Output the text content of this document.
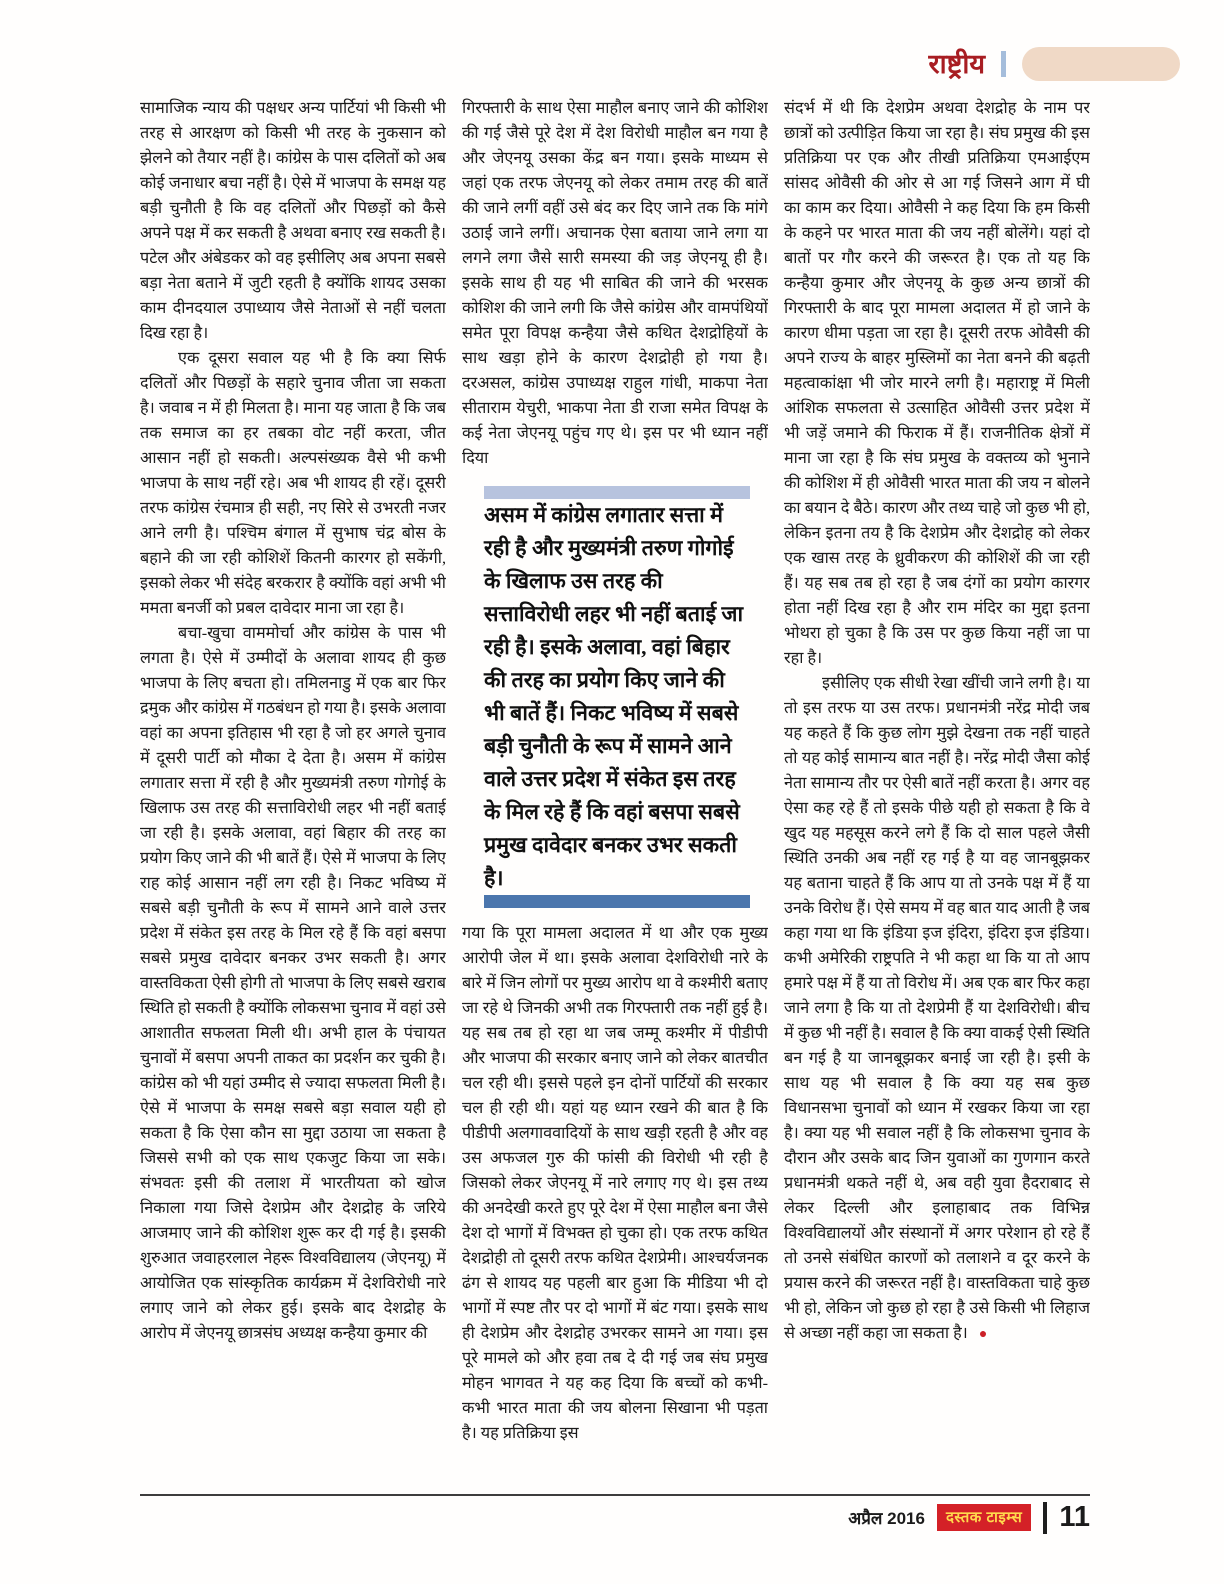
राष्ट्रीय

सामाजिक न्याय की पक्षधर अन्य पार्टियां भी किसी भी तरह से आरक्षण को किसी भी तरह के नुकसान को झेलने को तैयार नहीं है। कांग्रेस के पास दलितों को अब कोई जनाधार बचा नहीं है। ऐसे में भाजपा के समक्ष यह बड़ी चुनौती है कि वह दलितों और पिछड़ों को कैसे अपने पक्ष में कर सकती है अथवा बनाए रख सकती है। पटेल और अंबेडकर को वह इसीलिए अब अपना सबसे बड़ा नेता बताने में जुटी रहती है क्योंकि शायद उसका काम दीनदयाल उपाध्याय जैसे नेताओं से नहीं चलता दिख रहा है।

एक दूसरा सवाल यह भी है कि क्या सिर्फ दलितों और पिछड़ों के सहारे चुनाव जीता जा सकता है। जवाब न में ही मिलता है। माना यह जाता है कि जब तक समाज का हर तबका वोट नहीं करता, जीत आसान नहीं हो सकती। अल्पसंख्यक वैसे भी कभी भाजपा के साथ नहीं रहे। अब भी शायद ही रहें। दूसरी तरफ कांग्रेस रंचमात्र ही सही, नए सिरे से उभरती नजर आने लगी है। पश्चिम बंगाल में सुभाष चंद्र बोस के बहाने की जा रही कोशिशें कितनी कारगर हो सकेंगी, इसको लेकर भी संदेह बरकरार है क्योंकि वहां अभी भी ममता बनर्जी को प्रबल दावेदार माना जा रहा है।

बचा-खुचा वाममोर्चा और कांग्रेस के पास भी लगता है। ऐसे में उम्मीदों के अलावा शायद ही कुछ भाजपा के लिए बचता हो। तमिलनाडु में एक बार फिर द्रमुक और कांग्रेस में गठबंधन हो गया है। इसके अलावा वहां का अपना इतिहास भी रहा है जो हर अगले चुनाव में दूसरी पार्टी को मौका दे देता है। असम में कांग्रेस लगातार सत्ता में रही है और मुख्यमंत्री तरुण गोगोई के खिलाफ उस तरह की सत्ताविरोधी लहर भी नहीं बताई जा रही है। इसके अलावा, वहां बिहार की तरह का प्रयोग किए जाने की भी बातें हैं। ऐसे में भाजपा के लिए राह कोई आसान नहीं लग रही है। निकट भविष्य में सबसे बड़ी चुनौती के रूप में सामने आने वाले उत्तर प्रदेश में संकेत इस तरह के मिल रहे हैं कि वहां बसपा सबसे प्रमुख दावेदार बनकर उभर सकती है। अगर वास्तविकता ऐसी होगी तो भाजपा के लिए सबसे खराब स्थिति हो सकती है क्योंकि लोकसभा चुनाव में वहां उसे आशातीत सफलता मिली थी। अभी हाल के पंचायत चुनावों में बसपा अपनी ताकत का प्रदर्शन कर चुकी है। कांग्रेस को भी यहां उम्मीद से ज्यादा सफलता मिली है। ऐसे में भाजपा के समक्ष सबसे बड़ा सवाल यही हो सकता है कि ऐसा कौन सा मुद्दा उठाया जा सकता है जिससे सभी को एक साथ एकजुट किया जा सके। संभवतः इसी की तलाश में भारतीयता को खोज निकाला गया जिसे देशप्रेम और देशद्रोह के जरिये आजमाए जाने की कोशिश शुरू कर दी गई है। इसकी शुरुआत जवाहरलाल नेहरू विश्वविद्यालय (जेएनयू) में आयोजित एक सांस्कृतिक कार्यक्रम में देशविरोधी नारे लगाए जाने को लेकर हुई। इसके बाद देशद्रोह के आरोप में जेएनयू छात्रसंघ अध्यक्ष कन्हैया कुमार की

गिरफ्तारी के साथ ऐसा माहौल बनाए जाने की कोशिश की गई जैसे पूरे देश में देश विरोधी माहौल बन गया है और जेएनयू उसका केंद्र बन गया। इसके माध्यम से जहां एक तरफ जेएनयू को लेकर तमाम तरह की बातें की जाने लगीं वहीं उसे बंद कर दिए जाने तक कि मांगे उठाई जाने लगीं। अचानक ऐसा बताया जाने लगा या लगने लगा जैसे सारी समस्या की जड़ जेएनयू ही है। इसके साथ ही यह भी साबित की जाने की भरसक कोशिश की जाने लगी कि जैसे कांग्रेस और वामपंथियों समेत पूरा विपक्ष कन्हैया जैसे कथित देशद्रोहियों के साथ खड़ा होने के कारण देशद्रोही हो गया है। दरअसल, कांग्रेस उपाध्यक्ष राहुल गांधी, माकपा नेता सीताराम येचुरी, भाकपा नेता डी राजा समेत विपक्ष के कई नेता जेएनयू पहुंच गए थे। इस पर भी ध्यान नहीं दिया

असम में कांग्रेस लगातार सत्ता में रही है और मुख्यमंत्री तरुण गोगोई के खिलाफ उस तरह की सत्ताविरोधी लहर भी नहीं बताई जा रही है। इसके अलावा, वहां बिहार की तरह का प्रयोग किए जाने की भी बातें हैं। निकट भविष्य में सबसे बड़ी चुनौती के रूप में सामने आने वाले उत्तर प्रदेश में संकेत इस तरह के मिल रहे हैं कि वहां बसपा सबसे प्रमुख दावेदार बनकर उभर सकती है।

गया कि पूरा मामला अदालत में था और एक मुख्य आरोपी जेल में था। इसके अलावा देशविरोधी नारे के बारे में जिन लोगों पर मुख्य आरोप था वे कश्मीरी बताए जा रहे थे जिनकी अभी तक गिरफ्तारी तक नहीं हुई है। यह सब तब हो रहा था जब जम्मू कश्मीर में पीडीपी और भाजपा की सरकार बनाए जाने को लेकर बातचीत चल रही थी। इससे पहले इन दोनों पार्टियों की सरकार चल ही रही थी। यहां यह ध्यान रखने की बात है कि पीडीपी अलगाववादियों के साथ खड़ी रहती है और वह उस अफजल गुरु की फांसी की विरोधी भी रही है जिसको लेकर जेएनयू में नारे लगाए गए थे। इस तथ्य की अनदेखी करते हुए पूरे देश में ऐसा माहौल बना जैसे देश दो भागों में विभक्त हो चुका हो। एक तरफ कथित देशद्रोही तो दूसरी तरफ कथित देशप्रेमी। आश्चर्यजनक ढंग से शायद यह पहली बार हुआ कि मीडिया भी दो भागों में स्पष्ट तौर पर दो भागों में बंट गया। इसके साथ ही देशप्रेम और देशद्रोह उभरकर सामने आ गया। इस पूरे मामले को और हवा तब दे दी गई जब संघ प्रमुख मोहन भागवत ने यह कह दिया कि बच्चों को कभी-कभी भारत माता की जय बोलना सिखाना भी पड़ता है। यह प्रतिक्रिया इस

संदर्भ में थी कि देशप्रेम अथवा देशद्रोह के नाम पर छात्रों को उत्पीड़ित किया जा रहा है। संघ प्रमुख की इस प्रतिक्रिया पर एक और तीखी प्रतिक्रिया एमआईएम सांसद ओवैसी की ओर से आ गई जिसने आग में घी का काम कर दिया। ओवैसी ने कह दिया कि हम किसी के कहने पर भारत माता की जय नहीं बोलेंगे। यहां दो बातों पर गौर करने की जरूरत है। एक तो यह कि कन्हैया कुमार और जेएनयू के कुछ अन्य छात्रों की गिरफ्तारी के बाद पूरा मामला अदालत में हो जाने के कारण धीमा पड़ता जा रहा है। दूसरी तरफ ओवैसी की अपने राज्य के बाहर मुस्लिमों का नेता बनने की बढ़ती महत्वाकांक्षा भी जोर मारने लगी है। महाराष्ट्र में मिली आंशिक सफलता से उत्साहित ओवैसी उत्तर प्रदेश में भी जड़ें जमाने की फिराक में हैं। राजनीतिक क्षेत्रों में माना जा रहा है कि संघ प्रमुख के वक्तव्य को भुनाने की कोशिश में ही ओवैसी भारत माता की जय न बोलने का बयान दे बैठे। कारण और तथ्य चाहे जो कुछ भी हो, लेकिन इतना तय है कि देशप्रेम और देशद्रोह को लेकर एक खास तरह के ध्रुवीकरण की कोशिशें की जा रही हैं। यह सब तब हो रहा है जब दंगों का प्रयोग कारगर होता नहीं दिख रहा है और राम मंदिर का मुद्दा इतना भोथरा हो चुका है कि उस पर कुछ किया नहीं जा पा रहा है।

इसीलिए एक सीधी रेखा खींची जाने लगी है। या तो इस तरफ या उस तरफ। प्रधानमंत्री नरेंद्र मोदी जब यह कहते हैं कि कुछ लोग मुझे देखना तक नहीं चाहते तो यह कोई सामान्य बात नहीं है। नरेंद्र मोदी जैसा कोई नेता सामान्य तौर पर ऐसी बातें नहीं करता है। अगर वह ऐसा कह रहे हैं तो इसके पीछे यही हो सकता है कि वे खुद यह महसूस करने लगे हैं कि दो साल पहले जैसी स्थिति उनकी अब नहीं रह गई है या वह जानबूझकर यह बताना चाहते हैं कि आप या तो उनके पक्ष में हैं या उनके विरोध हैं। ऐसे समय में वह बात याद आती है जब कहा गया था कि इंडिया इज इंदिरा, इंदिरा इज इंडिया। कभी अमेरिकी राष्ट्रपति ने भी कहा था कि या तो आप हमारे पक्ष में हैं या तो विरोध में। अब एक बार फिर कहा जाने लगा है कि या तो देशप्रेमी हैं या देशविरोधी। बीच में कुछ भी नहीं है। सवाल है कि क्या वाकई ऐसी स्थिति बन गई है या जानबूझकर बनाई जा रही है। इसी के साथ यह भी सवाल है कि क्या यह सब कुछ विधानसभा चुनावों को ध्यान में रखकर किया जा रहा है। क्या यह भी सवाल नहीं है कि लोकसभा चुनाव के दौरान और उसके बाद जिन युवाओं का गुणगान करते प्रधानमंत्री थकते नहीं थे, अब वही युवा हैदराबाद से लेकर दिल्ली और इलाहाबाद तक विभिन्न विश्वविद्यालयों और संस्थानों में अगर परेशान हो रहे हैं तो उनसे संबंधित कारणों को तलाशने व दूर करने के प्रयास करने की जरूरत नहीं है। वास्तविकता चाहे कुछ भी हो, लेकिन जो कुछ हो रहा है उसे किसी भी लिहाज से अच्छा नहीं कहा जा सकता है।  ●

अप्रैल 2016	दस्तक टाइम्स	11
